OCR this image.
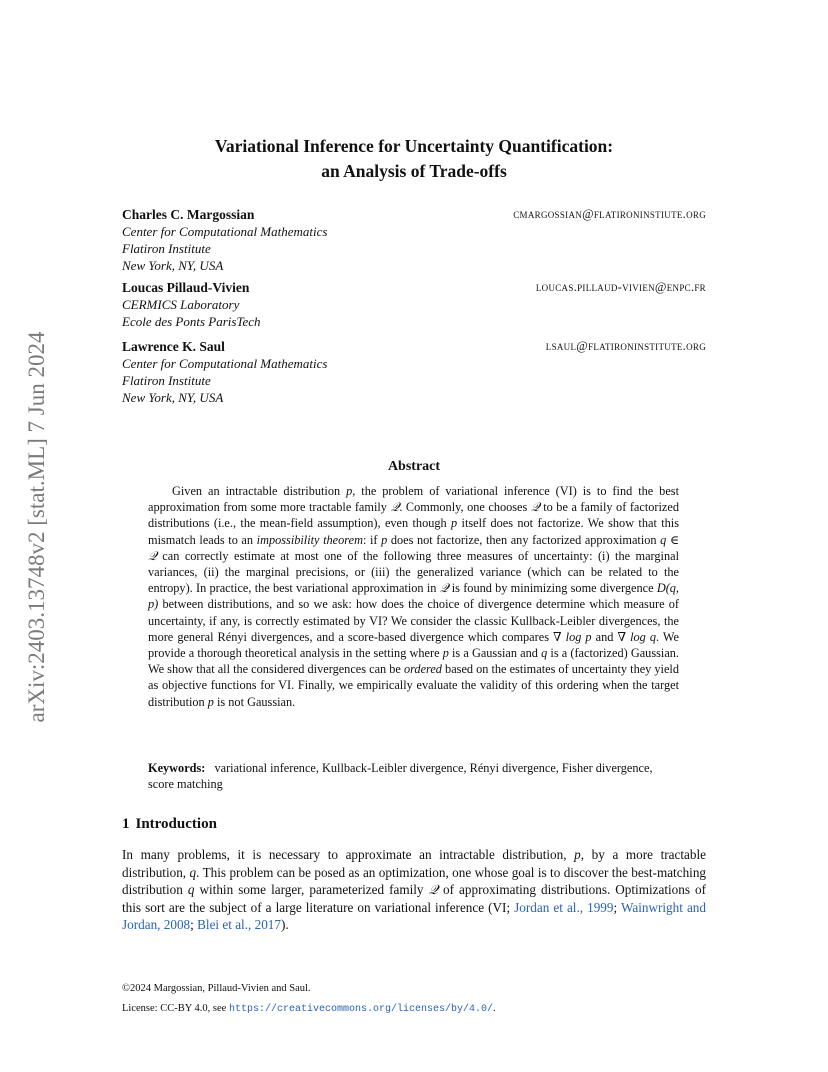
arXiv:2403.13748v2 [stat.ML] 7 Jun 2024
Variational Inference for Uncertainty Quantification:
an Analysis of Trade-offs
Charles C. Margossian	cmargossian@flatironinstiute.org
Center for Computational Mathematics
Flatiron Institute
New York, NY, USA
Loucas Pillaud-Vivien	loucas.pillaud-vivien@enpc.fr
CERMICS Laboratory
Ecole des Ponts ParisTech
Lawrence K. Saul	lsaul@flatironinstitute.org
Center for Computational Mathematics
Flatiron Institute
New York, NY, USA
Abstract
Given an intractable distribution p, the problem of variational inference (VI) is to find the best approximation from some more tractable family 𝒬. Commonly, one chooses 𝒬 to be a family of factorized distributions (i.e., the mean-field assumption), even though p itself does not factorize. We show that this mismatch leads to an impossibility theorem: if p does not factorize, then any factorized approximation q ∈ 𝒬 can correctly estimate at most one of the following three measures of uncertainty: (i) the marginal variances, (ii) the marginal precisions, or (iii) the generalized variance (which can be related to the entropy). In practice, the best variational approximation in 𝒬 is found by minimizing some divergence D(q, p) between distributions, and so we ask: how does the choice of divergence determine which measure of uncertainty, if any, is correctly estimated by VI? We consider the classic Kullback-Leibler divergences, the more general Rényi divergences, and a score-based divergence which compares ∇ log p and ∇ log q. We provide a thorough theoretical analysis in the setting where p is a Gaussian and q is a (factorized) Gaussian. We show that all the considered divergences can be ordered based on the estimates of uncertainty they yield as objective functions for VI. Finally, we empirically evaluate the validity of this ordering when the target distribution p is not Gaussian.
Keywords: variational inference, Kullback-Leibler divergence, Rényi divergence, Fisher divergence, score matching
1 Introduction
In many problems, it is necessary to approximate an intractable distribution, p, by a more tractable distribution, q. This problem can be posed as an optimization, one whose goal is to discover the best-matching distribution q within some larger, parameterized family 𝒬 of approximating distributions. Optimizations of this sort are the subject of a large literature on variational inference (VI; Jordan et al., 1999; Wainwright and Jordan, 2008; Blei et al., 2017).
©2024 Margossian, Pillaud-Vivien and Saul.
License: CC-BY 4.0, see https://creativecommons.org/licenses/by/4.0/.
